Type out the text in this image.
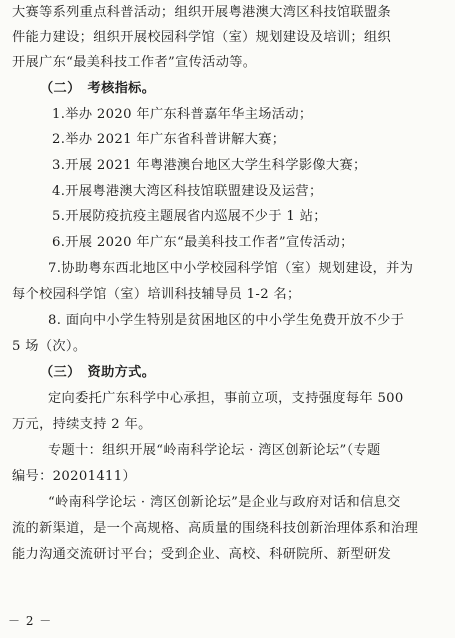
大赛等系列重点科普活动；组织开展粤港澳大湾区科技馆联盟条
件能力建设；组织开展校园科学馆（室）规划建设及培训；组织
开展广东“最美科技工作者”宣传活动等。
（二）　考核指标。
1.举办 2020 年广东科普嘉年华主场活动；
2.举办 2021 年广东省科普讲解大赛；
3.开展 2021 年粤港澳台地区大学生科学影像大赛；
4.开展粤港澳大湾区科技馆联盟建设及运营；
5.开展防疫抗疫主题展省内巡展不少于 1 站；
6.开展 2020 年广东“最美科技工作者”宣传活动；
7.协助粤东西北地区中小学校园科学馆（室）规划建设，并为
每个校园科学馆（室）培训科技辅导员 1-2 名；
8. 面向中小学生特别是贫困地区的中小学生免费开放不少于
5 场（次）。
（三）　资助方式。
定向委托广东科学中心承担，事前立项，支持强度每年 500
万元，持续支持 2 年。
专题十：组织开展“岭南科学论坛 · 湾区创新论坛”（专题
编号：20201411）
“岭南科学论坛 · 湾区创新论坛”是企业与政府对话和信息交
流的新渠道，是一个高规格、高质量的围绕科技创新治理体系和治理
能力沟通交流研讨平台；受到企业、高校、科研院所、新型研发
－ 2 －
